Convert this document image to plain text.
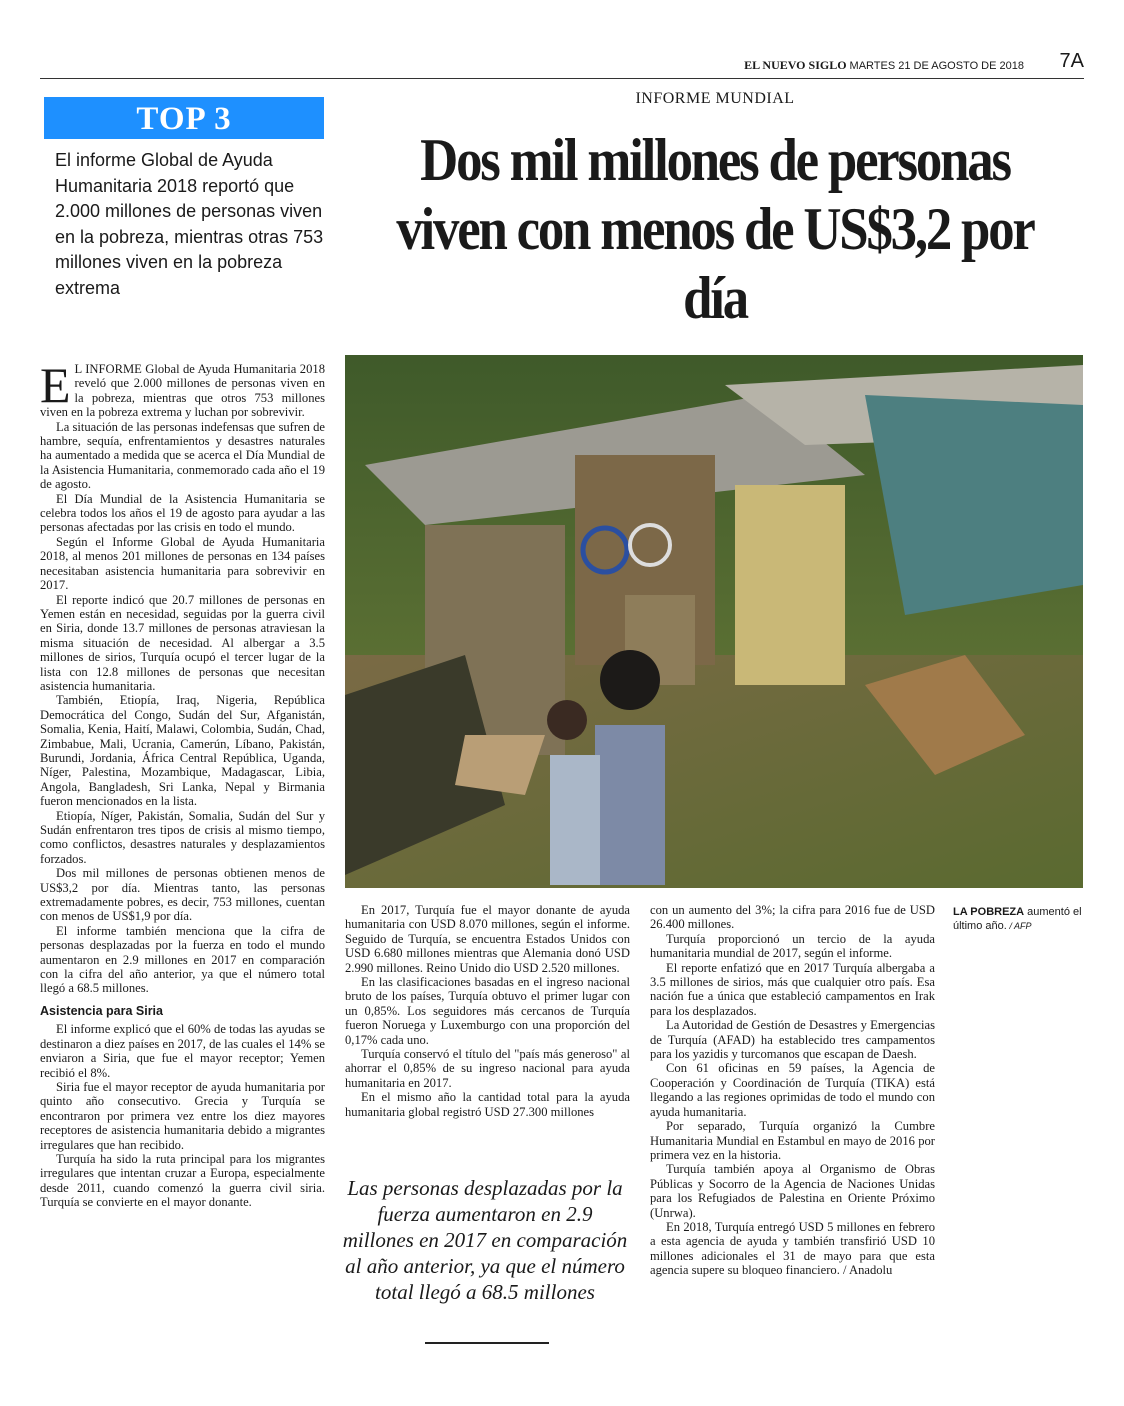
EL NUEVO SIGLO MARTES 21 DE AGOSTO DE 2018 7A
TOP 3
El informe Global de Ayuda Humanitaria 2018 reportó que 2.000 millones de personas viven en la pobreza, mientras otras 753 millones viven en la pobreza extrema
INFORME MUNDIAL
Dos mil millones de personas viven con menos de US$3,2 por día
LA POBREZA aumentó el último año. / AFP
E L INFORME Global de Ayuda Humanitaria 2018 reveló que 2.000 millones de personas viven en la pobreza, mientras que otros 753 millones viven en la pobreza extrema y luchan por sobrevivir.

La situación de las personas indefensas que sufren de hambre, sequía, enfrentamientos y desastres naturales ha aumentado a medida que se acerca el Día Mundial de la Asistencia Humanitaria, conmemorado cada año el 19 de agosto.

El Día Mundial de la Asistencia Humanitaria se celebra todos los años el 19 de agosto para ayudar a las personas afectadas por las crisis en todo el mundo.

Según el Informe Global de Ayuda Humanitaria 2018, al menos 201 millones de personas en 134 países necesitaban asistencia humanitaria para sobrevivir en 2017.

El reporte indicó que 20.7 millones de personas en Yemen están en necesidad, seguidas por la guerra civil en Siria, donde 13.7 millones de personas atraviesan la misma situación de necesidad. Al albergar a 3.5 millones de sirios, Turquía ocupó el tercer lugar de la lista con 12.8 millones de personas que necesitan asistencia humanitaria.

También, Etiopía, Iraq, Nigeria, República Democrática del Congo, Sudán del Sur, Afganistán, Somalia, Kenia, Haití, Malawi, Colombia, Sudán, Chad, Zimbabue, Mali, Ucrania, Camerún, Líbano, Pakistán, Burundi, Jordania, África Central República, Uganda, Níger, Palestina, Mozambique, Madagascar, Libia, Angola, Bangladesh, Sri Lanka, Nepal y Birmania fueron mencionados en la lista.

Etiopía, Níger, Pakistán, Somalia, Sudán del Sur y Sudán enfrentaron tres tipos de crisis al mismo tiempo, como conflictos, desastres naturales y desplazamientos forzados.

Dos mil millones de personas obtienen menos de US$3,2 por día. Mientras tanto, las personas extremadamente pobres, es decir, 753 millones, cuentan con menos de US$1,9 por día.

El informe también menciona que la cifra de personas desplazadas por la fuerza en todo el mundo aumentaron en 2.9 millones en 2017 en comparación con la cifra del año anterior, ya que el número total llegó a 68.5 millones.

Asistencia para Siria

El informe explicó que el 60% de todas las ayudas se destinaron a diez países en 2017, de las cuales el 14% se enviaron a Siria, que fue el mayor receptor; Yemen recibió el 8%.

Siria fue el mayor receptor de ayuda humanitaria por quinto año consecutivo. Grecia y Turquía se encontraron por primera vez entre los diez mayores receptores de asistencia humanitaria debido a migrantes irregulares que han recibido.

Turquía ha sido la ruta principal para los migrantes irregulares que intentan cruzar a Europa, especialmente desde 2011, cuando comenzó la guerra civil siria. Turquía se convierte en el mayor donante.

En 2017, Turquía fue el mayor donante de ayuda humanitaria con USD 8.070 millones, según el informe. Seguido de Turquía, se encuentra Estados Unidos con USD 6.680 millones mientras que Alemania donó USD 2.990 millones. Reino Unido dio USD 2.520 millones.

En las clasificaciones basadas en el ingreso nacional bruto de los países, Turquía obtuvo el primer lugar con un 0,85%. Los seguidores más cercanos de Turquía fueron Noruega y Luxemburgo con una proporción del 0,17% cada uno.

Turquía conservó el título del "país más generoso" al ahorrar el 0,85% de su ingreso nacional para ayuda humanitaria en 2017.

En el mismo año la cantidad total para la ayuda humanitaria global registró USD 27.300 millones

Las personas desplazadas por la fuerza aumentaron en 2.9 millones en 2017 en comparación al año anterior, ya que el número total llegó a 68.5 millones

con un aumento del 3%; la cifra para 2016 fue de USD 26.400 millones.

Turquía proporcionó un tercio de la ayuda humanitaria mundial de 2017, según el informe.

El reporte enfatizó que en 2017 Turquía albergaba a 3.5 millones de sirios, más que cualquier otro país. Esa nación fue a única que estableció campamentos en Irak para los desplazados.

La Autoridad de Gestión de Desastres y Emergencias de Turquía (AFAD) ha establecido tres campamentos para los yazidis y turcomanos que escapan de Daesh.

Con 61 oficinas en 59 países, la Agencia de Cooperación y Coordinación de Turquía (TIKA) está llegando a las regiones oprimidas de todo el mundo con ayuda humanitaria.

Por separado, Turquía organizó la Cumbre Humanitaria Mundial en Estambul en mayo de 2016 por primera vez en la historia.

Turquía también apoya al Organismo de Obras Públicas y Socorro de la Agencia de Naciones Unidas para los Refugiados de Palestina en Oriente Próximo (Unrwa).

En 2018, Turquía entregó USD 5 millones en febrero a esta agencia de ayuda y también transfirió USD 10 millones adicionales el 31 de mayo para que esta agencia supere su bloqueo financiero. / Anadolu
